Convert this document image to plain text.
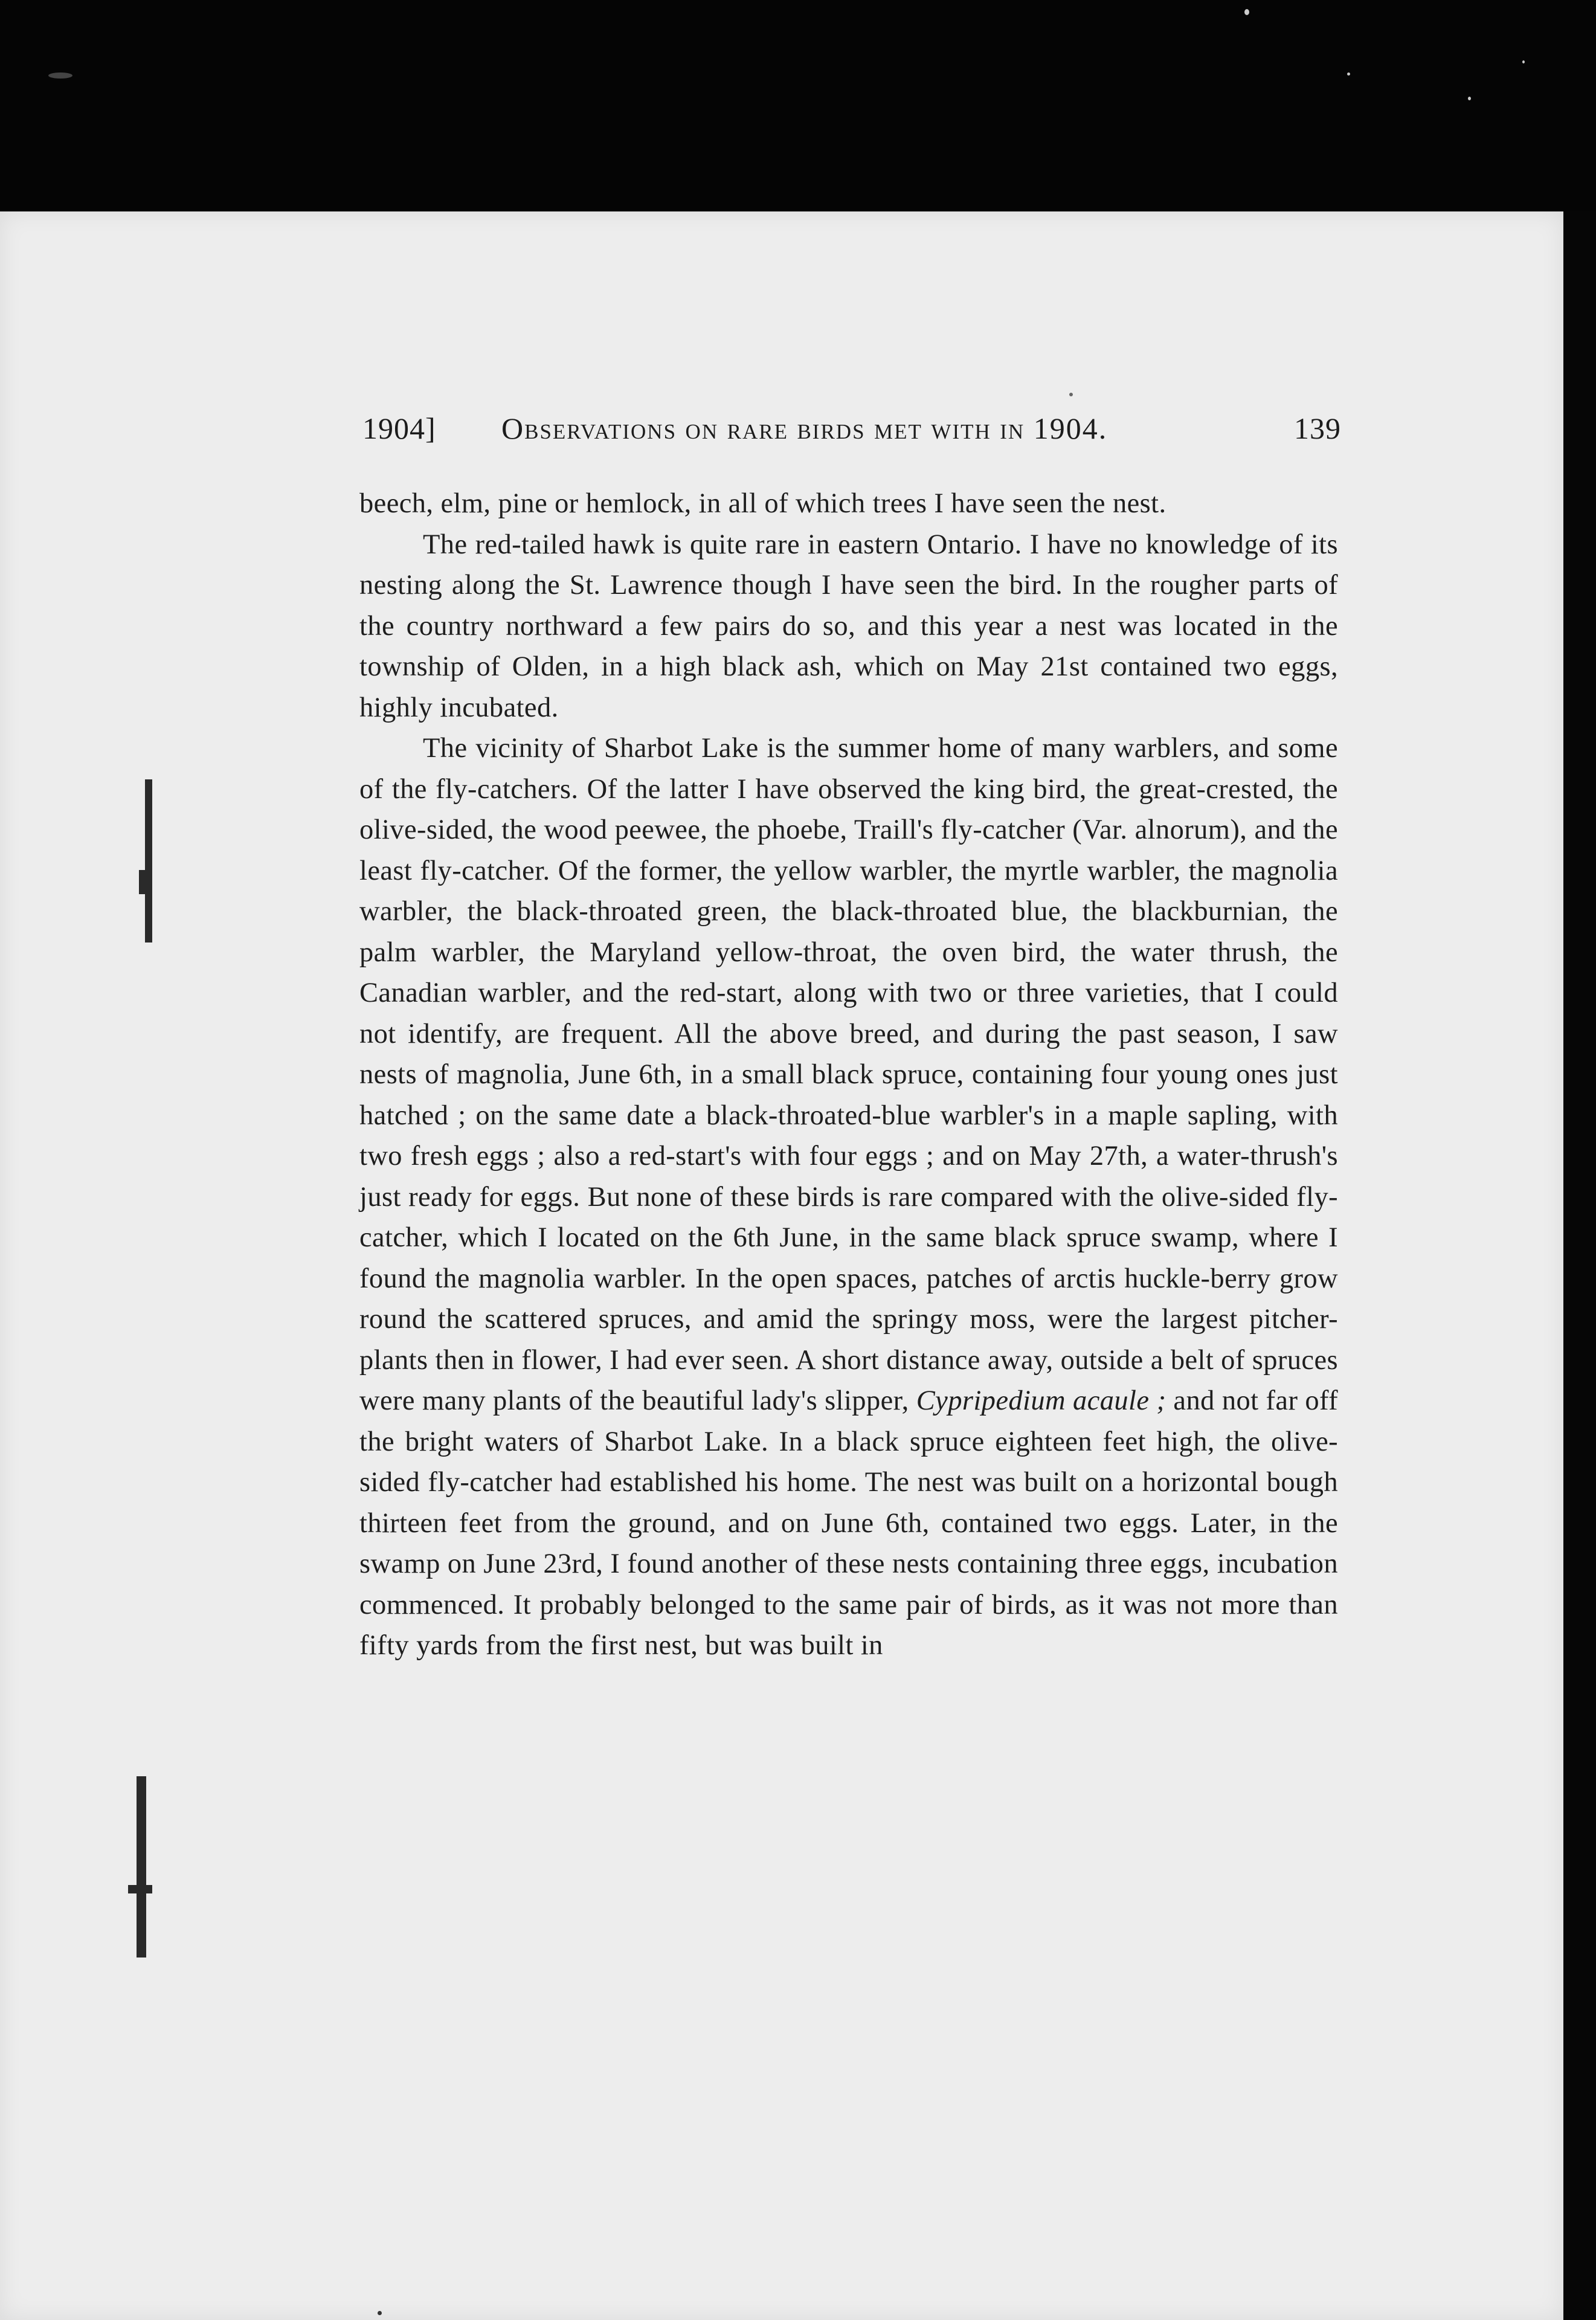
1904] Observations on rare birds met with in 1904.	139

beech, elm, pine or hemlock, in all of which trees I have seen the nest.

The red-tailed hawk is quite rare in eastern Ontario. I have no knowledge of its nesting along the St. Lawrence though I have seen the bird. In the rougher parts of the country northward a few pairs do so, and this year a nest was located in the township of Olden, in a high black ash, which on May 21st contained two eggs, highly incubated.

The vicinity of Sharbot Lake is the summer home of many warblers, and some of the fly-catchers. Of the latter I have observed the king bird, the great-crested, the olive-sided, the wood peewee, the phoebe, Traill's fly-catcher (Var. alnorum), and the least fly-catcher. Of the former, the yellow warbler, the myrtle warbler, the magnolia warbler, the black-throated green, the black-throated blue, the blackburnian, the palm warbler, the Maryland yellow-throat, the oven bird, the water thrush, the Canadian warbler, and the red-start, along with two or three varieties, that I could not identify, are frequent. All the above breed, and during the past season, I saw nests of magnolia, June 6th, in a small black spruce, containing four young ones just hatched ; on the same date a black-throated-blue warbler's in a maple sapling, with two fresh eggs ; also a red-start's with four eggs ; and on May 27th, a water-thrush's just ready for eggs. But none of these birds is rare compared with the olive-sided fly-catcher, which I located on the 6th June, in the same black spruce swamp, where I found the magnolia warbler. In the open spaces, patches of arctis huckle-berry grow round the scattered spruces, and amid the springy moss, were the largest pitcher-plants then in flower, I had ever seen. A short distance away, outside a belt of spruces were many plants of the beautiful lady's slipper, Cypripedium acaule ; and not far off the bright waters of Sharbot Lake. In a black spruce eighteen feet high, the olive-sided fly-catcher had established his home. The nest was built on a horizontal bough thirteen feet from the ground, and on June 6th, contained two eggs. Later, in the swamp on June 23rd, I found another of these nests containing three eggs, incubation commenced. It probably belonged to the same pair of birds, as it was not more than fifty yards from the first nest, but was built in
